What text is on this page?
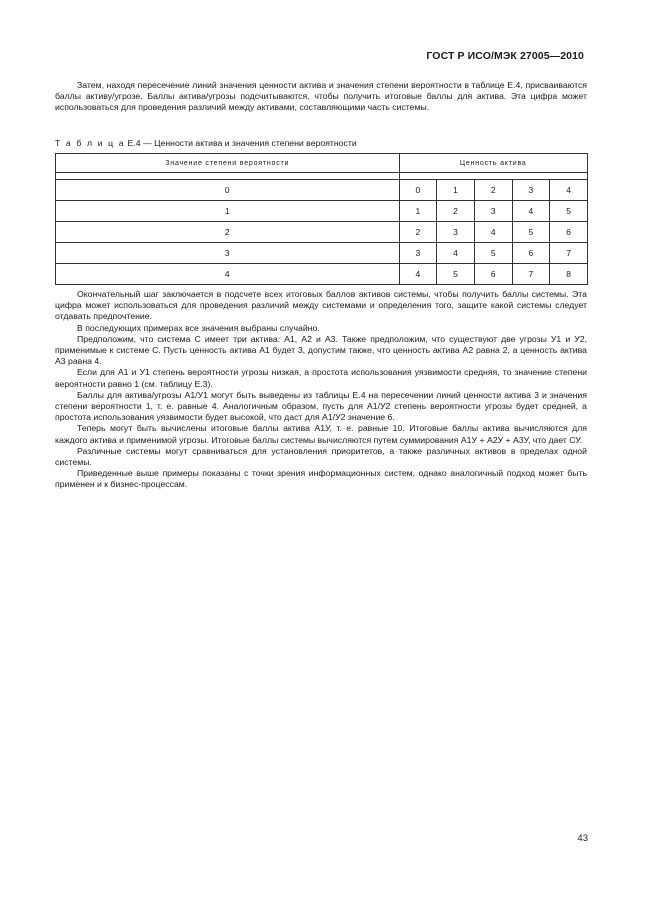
ГОСТ Р ИСО/МЭК 27005—2010

Затем, находя пересечение линий значения ценности актива и значения степени вероятности в таблице Е.4, присваиваются баллы активу/угрозе. Баллы актива/угрозы подсчитываются, чтобы получить итоговые баллы для актива. Эта цифра может использоваться для проведения различий между активами, составляющими часть системы.

Т а б л и ц а Е.4 — Ценности актива и значения степени вероятности
Значение степени вероятности	Ценность актива				

0	0	1	2	3	4
1	1	2	3	4	5
2	2	3	4	5	6
3	3	4	5	6	7
4	4	5	6	7	8

Окончательный шаг заключается в подсчете всех итоговых баллов активов системы, чтобы получить баллы системы. Эта цифра может использоваться для проведения различий между системами и определения того, защите какой системы следует отдавать предпочтение.

В последующих примерах все значения выбраны случайно.

Предположим, что система С имеет три актива: А1, А2 и А3. Также предположим, что существуют две угрозы У1 и У2, применимые к системе С. Пусть ценность актива А1 будет 3, допустим также, что ценность актива А2 равна 2, а ценность актива А3 равна 4.

Если для А1 и У1 степень вероятности угрозы низкая, а простота использования уязвимости средняя, то значение степени вероятности равно 1 (см. таблицу Е.3).

Баллы для актива/угрозы А1/У1 могут быть выведены из таблицы Е.4 на пересечении линий ценности актива 3 и значения степени вероятности 1, т. е. равные 4. Аналогичным образом, пусть для А1/У2 степень вероятности угрозы будет средней, а простота использования уязвимости будет высокой, что даст для А1/У2 значение 6.

Теперь могут быть вычислены итоговые баллы актива А1У, т. е. равные 10. Итоговые баллы актива вычисляются для каждого актива и применимой угрозы. Итоговые баллы системы вычисляются путем суммирования А1У + А2У + А3У, что дает СУ.

Различные системы могут сравниваться для установления приоритетов, а также различных активов в пределах одной системы.

Приведенные выше примеры показаны с точки зрения информационных систем, однако аналогичный подход может быть применен и к бизнес-процессам.

43
